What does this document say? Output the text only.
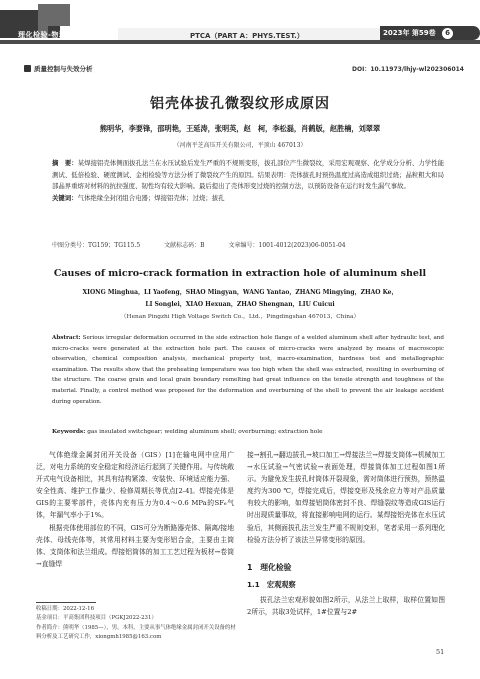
理化检验-物理分册	PTCA（PART A：PHYS.TEST.）	2023年 第59卷 6
质量控制与失效分析	DOI：10.11973/lhjy-wl202306014
铝壳体拔孔微裂纹形成原因
熊明华，李要锋，邵明艳，王延涛，张明英，赵　柯，李松磊，肖鹤版，赵胜楠，刘翠翠
（河南平芝高压开关有限公司，平顶山 467013）
摘　要：某焊接铝壳体侧面拔孔法兰在水压试验后发生严重的不规则变形，拔孔部位产生微裂纹，采用宏观观察、化学成分分析、力学性能测试、低倍检验、硬度测试、金相检验等方法分析了微裂纹产生的原因。结果表明：壳体拔孔时预热温度过高造成组织过烧；晶粒粗大和局部晶界重熔对材料的抗拉强度、韧性均有较大影响。最后提出了壳体形变过烧的控制方法，以预防设备在运行时发生漏气事故。
关键词：气体绝缘全封闭组合电器；焊接铝壳体；过烧；拔孔
中图分类号：TG159；TG115.5	文献标志码：B	文章编号：1001-4012(2023)06-0051-04
Causes of micro-crack formation in extraction hole of aluminum shell
XIONG Minghua，LI Yaofeng，SHAO Mingyan，WANG Yantao，ZHANG Mingying，ZHAO Ke，
LI Songlei，XIAO Hexuan，ZHAO Shengnan，LIU Cuicui
（Henan Pingzhi High Voltage Switch Co.，Ltd.，Pingdingshan 467013，China）
Abstract: Serious irregular deformation occurred in the side extraction hole flange of a welded aluminum shell after hydraulic test, and micro-cracks were generated at the extraction hole part. The causes of micro-cracks were analyzed by means of macroscopic observation, chemical composition analysis, mechanical property test, macro-examination, hardness test and metallographic examination. The results show that the preheating temperature was too high when the shell was extracted, resulting in overburning of the structure. The coarse grain and local grain boundary remelting had great influence on the tensile strength and toughness of the material. Finally, a control method was proposed for the deformation and overburning of the shell to prevent the air leakage accident during operation.
Keywords: gas insulated switchgear; welding aluminum shell; overburning; extraction hole

气体绝缘金属封闭开关设备（GIS）[1]在输电网中应用广泛，对电力系统的安全稳定和经济运行起到了关键作用。与传统敞开式电气设备相比，其具有结构紧凑、安装快、环境适应能力强、安全性高、维护工作量少、检修周期长等优点[2-4]。焊接壳体是GIS的主要零部件，壳体内充有压力为0.4～0.6 MPa的SF₆气体，年漏气率小于1%。

根据壳体使用部位的不同，GIS可分为断路器壳体、隔离/接地壳体、母线壳体等，其常用材料主要为变形铝合金，主要由主筒体、支筒体和法兰组成。焊接铝筒体的加工工艺过程为板材→卷筒→直缝焊

收稿日期：2022-12-16
基金项目：平高集团科技项目（PGKJ2022-231）
作者简介：熊明华（1985—），男，本科，主要从事气体绝缘金属封闭开关设备的材料分析及工艺研究工作，xiongmh1985@163.com

接→割孔→翻边拔孔→坡口加工→焊接法兰→焊接支筒体→机械加工→水压试验→气密试验→表面处理，焊接筒体加工过程如图1所示。为避免发生拔孔时筒体开裂现象，需对筒体进行预热，预热温度约为300 ℃，焊接完成后，焊接变形及残余应力等对产品质量有较大的影响，如焊接铝筒体密封不良、焊缝裂纹等造成GIS运行时出现质量事故，将直接影响电网的运行。某焊接铝壳体在水压试验后，其侧面拔孔法兰发生严重不规则变形，笔者采用一系列理化检验方法分析了该法兰异常变形的原因。

1　理化检验
1.1　宏观观察

拔孔法兰宏观形貌如图2所示，从法兰上取样，取样位置如图2所示，共取3处试样，1#位置与2#

51
